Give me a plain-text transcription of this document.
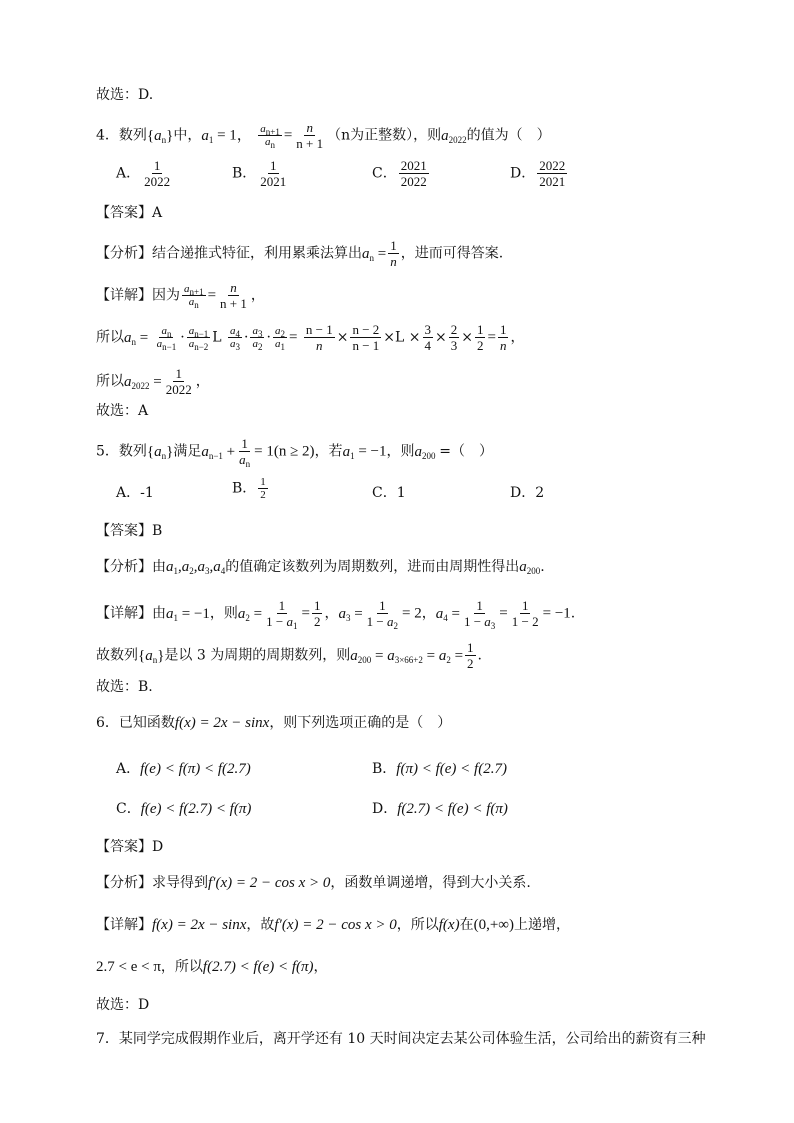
故选：D.
4．数列$\{a_n\}$中，$a_1 = 1$， $\frac{a_{n+1}}{a_n} = \frac{n}{n + 1} (n$为正整数），则$a_{2022}$的值为（　）
A． $\frac{1}{2022}$	B． $\frac{1}{2021}$	C． $\frac{2021}{2022}$	D． $\frac{2022}{2021}$
【答案】A
【分析】结合递推式特征，利用累乘法算出$a_n = \frac{1}{n}$ ，进而可得答案.
【详解】因为 $\frac{a_{n+1}}{a_n} = \frac{n}{n + 1}$ ，
所以$a_n = \frac{a_n}{a_{n-1}} \cdot \frac{a_{n-1}}{a_{n-2}}$ L $\frac{a_4}{a_3} \cdot \frac{a_3}{a_2} \cdot \frac{a_2}{a_1} = \frac{n - 1}{n} \times \frac{n - 2}{n - 1} \times L \times \frac{3}{4} \times \frac{2}{3} \times \frac{1}{2} = \frac{1}{n}$ ，
所以$a_{2022} = \frac{1}{2022}$ ，
故选：A
5．数列$\{a_n\}$满足$a_{n-1} + \frac{1}{a_n} = 1(n \ge 2)$，若$a_1 = -1$，则$a_{200}$ =（　）
A．-1	B． $\frac{1}{2}$	C．1	D．2
【答案】B
【分析】由$a_1,a_2,a_3,a_4$的值确定该数列为周期数列，进而由周期性得出$a_{200}$.
【详解】由$a_1 = -1$，则$a_2 = \frac{1}{1 - a_1} = \frac{1}{2}$ ，$a_3 = \frac{1}{1 - a_2} = 2$，$a_4 = \frac{1}{1 - a_3} = \frac{1}{1 - 2} = -1$.
故数列$\{a_n\}$是以 3 为周期的周期数列，则$a_{200} = a_{3\times 66+2} = a_2 = \frac{1}{2}$ .
故选：B.
6．已知函数f(x) = 2x − sinx，则下列选项正确的是（　）
A．f(e) < f(π) < f(2.7)	B．f(π) < f(e) < f(2.7)
C．f(e) < f(2.7) < f(π)	D．f(2.7) < f(e) < f(π)
【答案】D
【分析】求导得到f′(x) = 2 − cos x > 0，函数单调递增，得到大小关系.
【详解】f(x) = 2x − sinx，故f′(x) = 2 − cos x > 0，所以f(x)在(0,+∞)上递增，
2.7 < e < π，所以f(2.7) < f(e) < f(π)，
故选：D
7．某同学完成假期作业后，离开学还有 10 天时间决定去某公司体验生活，公司给出的薪资有三种
